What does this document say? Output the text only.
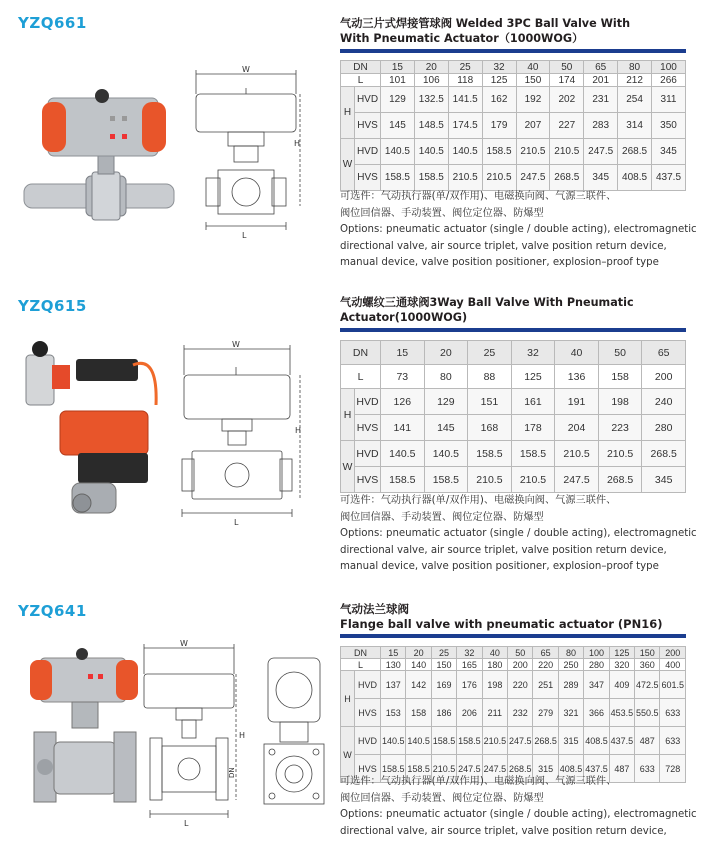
YZQ661
W
H
L
气动三片式焊接管球阀 Welded 3PC Ball Valve With
With Pneumatic Actuator（1000WOG）
DN		15	20	25	32	40	50	65	80	100
L		101	106	118	125	150	174	201	212	266
H	HVD	129	132.5	141.5	162	192	202	231	254	311
	HVS	145	148.5	174.5	179	207	227	283	314	350
W	HVD	140.5	140.5	140.5	158.5	210.5	210.5	247.5	268.5	345
	HVS	158.5	158.5	210.5	210.5	247.5	268.5	345	408.5	437.5
可选件：气动执行器(单/双作用)、电磁换向阀、气源三联件、
阀位回信器、手动装置、阀位定位器、防爆型
Options: pneumatic actuator (single / double acting), electromagnetic
directional valve, air source triplet, valve position return device,
manual device, valve position positioner, explosion–proof type
YZQ615
W
H
L
气动螺纹三通球阀3Way Ball Valve With Pneumatic
Actuator(1000WOG)
DN		15	20	25	32	40	50	65
L		73	80	88	125	136	158	200
H	HVD	126	129	151	161	191	198	240
	HVS	141	145	168	178	204	223	280
W	HVD	140.5	140.5	158.5	158.5	210.5	210.5	268.5
	HVS	158.5	158.5	210.5	210.5	247.5	268.5	345
可选件：气动执行器(单/双作用)、电磁换向阀、气源三联件、
阀位回信器、手动装置、阀位定位器、防爆型
Options: pneumatic actuator (single / double acting), electromagnetic
directional valve, air source triplet, valve position return device,
manual device, valve position positioner, explosion–proof type
YZQ641
W
H
L
DN
气动法兰球阀
Flange ball valve with pneumatic actuator (PN16)
DN		15	20	25	32	40	50	65	80	100	125	150	200
L		130	140	150	165	180	200	220	250	280	320	360	400
H	HVD	137	142	169	176	198	220	251	289	347	409	472.5	601.5
	HVS	153	158	186	206	211	232	279	321	366	453.5	550.5	633
W	HVD	140.5	140.5	158.5	158.5	210.5	247.5	268.5	315	408.5	437.5	487	633
	HVS	158.5	158.5	210.5	247.5	247.5	268.5	315	408.5	437.5	487	633	728
可选件：气动执行器(单/双作用)、电磁换向阀、气源三联件、
阀位回信器、手动装置、阀位定位器、防爆型
Options: pneumatic actuator (single / double acting), electromagnetic
directional valve, air source triplet, valve position return device,
